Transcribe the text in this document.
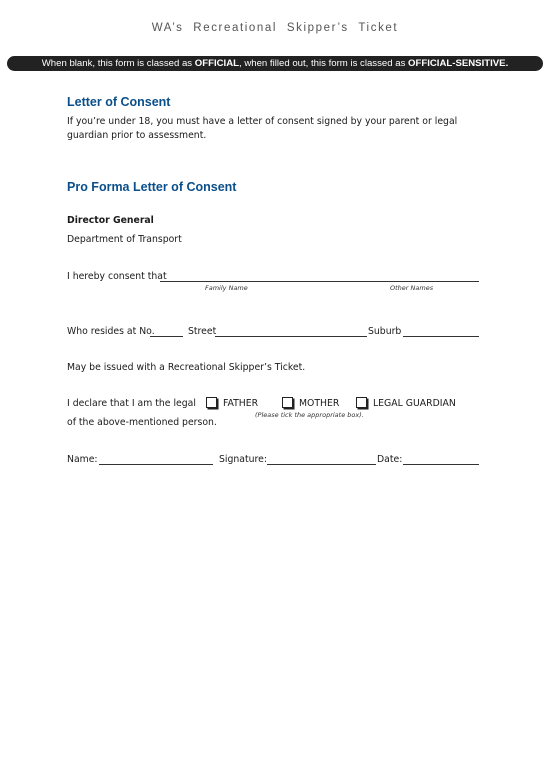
WA’s Recreational Skipper’s Ticket
When blank, this form is classed as OFFICIAL, when filled out, this form is classed as OFFICIAL-SENSITIVE.
Letter of Consent
If you’re under 18, you must have a letter of consent signed by your parent or legal guardian prior to assessment.
Pro Forma Letter of Consent
Director General
Department of Transport
I hereby consent that
Family Name	Other Names
Who resides at No.	Street	Suburb
May be issued with a Recreational Skipper’s Ticket.
I declare that I am the legal	FATHER	MOTHER	LEGAL GUARDIAN
(Please tick the appropriate box).
of the above-mentioned person.
Name:	Signature:	Date:
